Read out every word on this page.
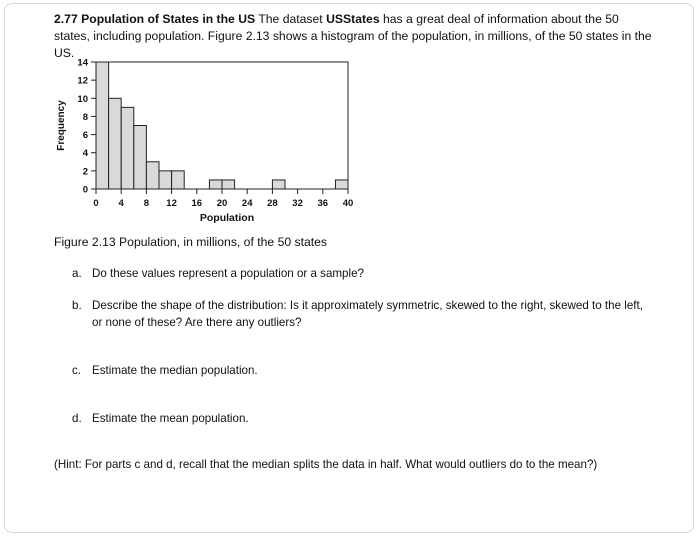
2.77 Population of States in the US The dataset USStates has a great deal of information about the 50 states, including population. Figure 2.13 shows a histogram of the population, in millions, of the 50 states in the US.
0
2
4
6
8
10
12
14
0 4 8 12 16 20 24 28 32 36 40
Population
Frequency
Figure 2.13 Population, in millions, of the 50 states
a. Do these values represent a population or a sample?
b. Describe the shape of the distribution: Is it approximately symmetric, skewed to the right, skewed to the left, or none of these? Are there any outliers?
c. Estimate the median population.
d. Estimate the mean population.
(Hint: For parts c and d, recall that the median splits the data in half. What would outliers do to the mean?)
